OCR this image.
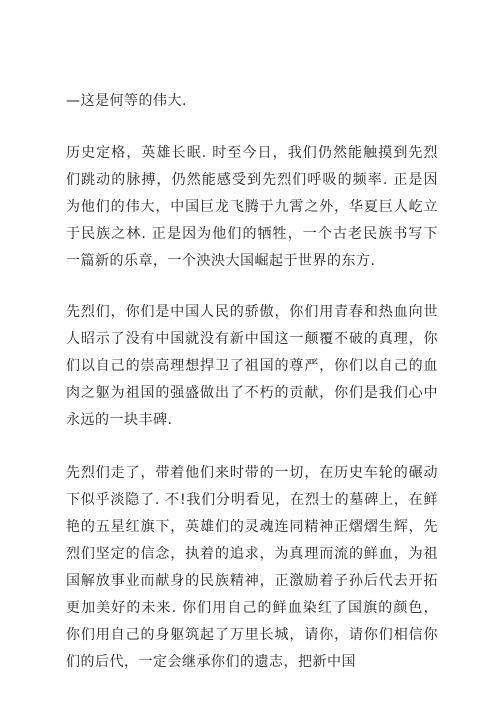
—这是何等的伟大.

历史定格，英雄长眠. 时至今日，我们仍然能触摸到先烈们跳动的脉搏，仍然能感受到先烈们呼吸的频率. 正是因为他们的伟大，中国巨龙飞腾于九霄之外，华夏巨人屹立于民族之林. 正是因为他们的牺牲，一个古老民族书写下一篇新的乐章，一个泱泱大国崛起于世界的东方.

先烈们，你们是中国人民的骄傲，你们用青春和热血向世人昭示了没有中国就没有新中国这一颠覆不破的真理，你们以自己的崇高理想捍卫了祖国的尊严，你们以自己的血肉之躯为祖国的强盛做出了不朽的贡献，你们是我们心中永远的一块丰碑.

先烈们走了，带着他们来时带的一切，在历史车轮的碾动下似乎淡隐了. 不!我们分明看见，在烈士的墓碑上，在鲜艳的五星红旗下，英雄们的灵魂连同精神正熠熠生辉，先烈们坚定的信念，执着的追求，为真理而流的鲜血，为祖国解放事业而献身的民族精神，正激励着子孙后代去开拓更加美好的未来. 你们用自己的鲜血染红了国旗的颜色，你们用自己的身躯筑起了万里长城，请你，请你们相信你们的后代，一定会继承你们的遗志，把新中国
